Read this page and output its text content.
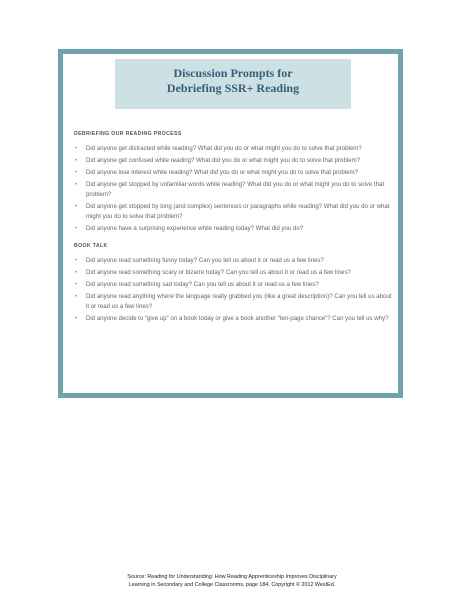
Discussion Prompts for
Debriefing SSR+ Reading
DEBRIEFING OUR READING PROCESS
• Did anyone get distracted while reading? What did you do or what might you do to solve that problem?
• Did anyone get confused while reading? What did you do or what might you do to solve that problem?
• Did anyone lose interest while reading? What did you do or what might you do to solve that problem?
• Did anyone get stopped by unfamiliar words while reading? What did you do or what might you do to solve that problem?
• Did anyone get stopped by long (and complex) sentences or paragraphs while reading? What did you do or what might you do to solve that problem?
• Did anyone have a surprising experience while reading today? What did you do?
BOOK TALK
• Did anyone read something funny today? Can you tell us about it or read us a few lines?
• Did anyone read something scary or bizarre today? Can you tell us about it or read us a few lines?
• Did anyone read something sad today? Can you tell us about it or read us a few lines?
• Did anyone read anything where the language really grabbed you (like a great description)? Can you tell us about it or read us a few lines?
• Did anyone decide to “give up” on a book today or give a book another “ten-page chance”? Can you tell us why?
Source: Reading for Understanding: How Reading Apprenticeship Improves Disciplinary
Learning in Secondary and College Classrooms, page 184. Copyright © 2012 WestEd.
